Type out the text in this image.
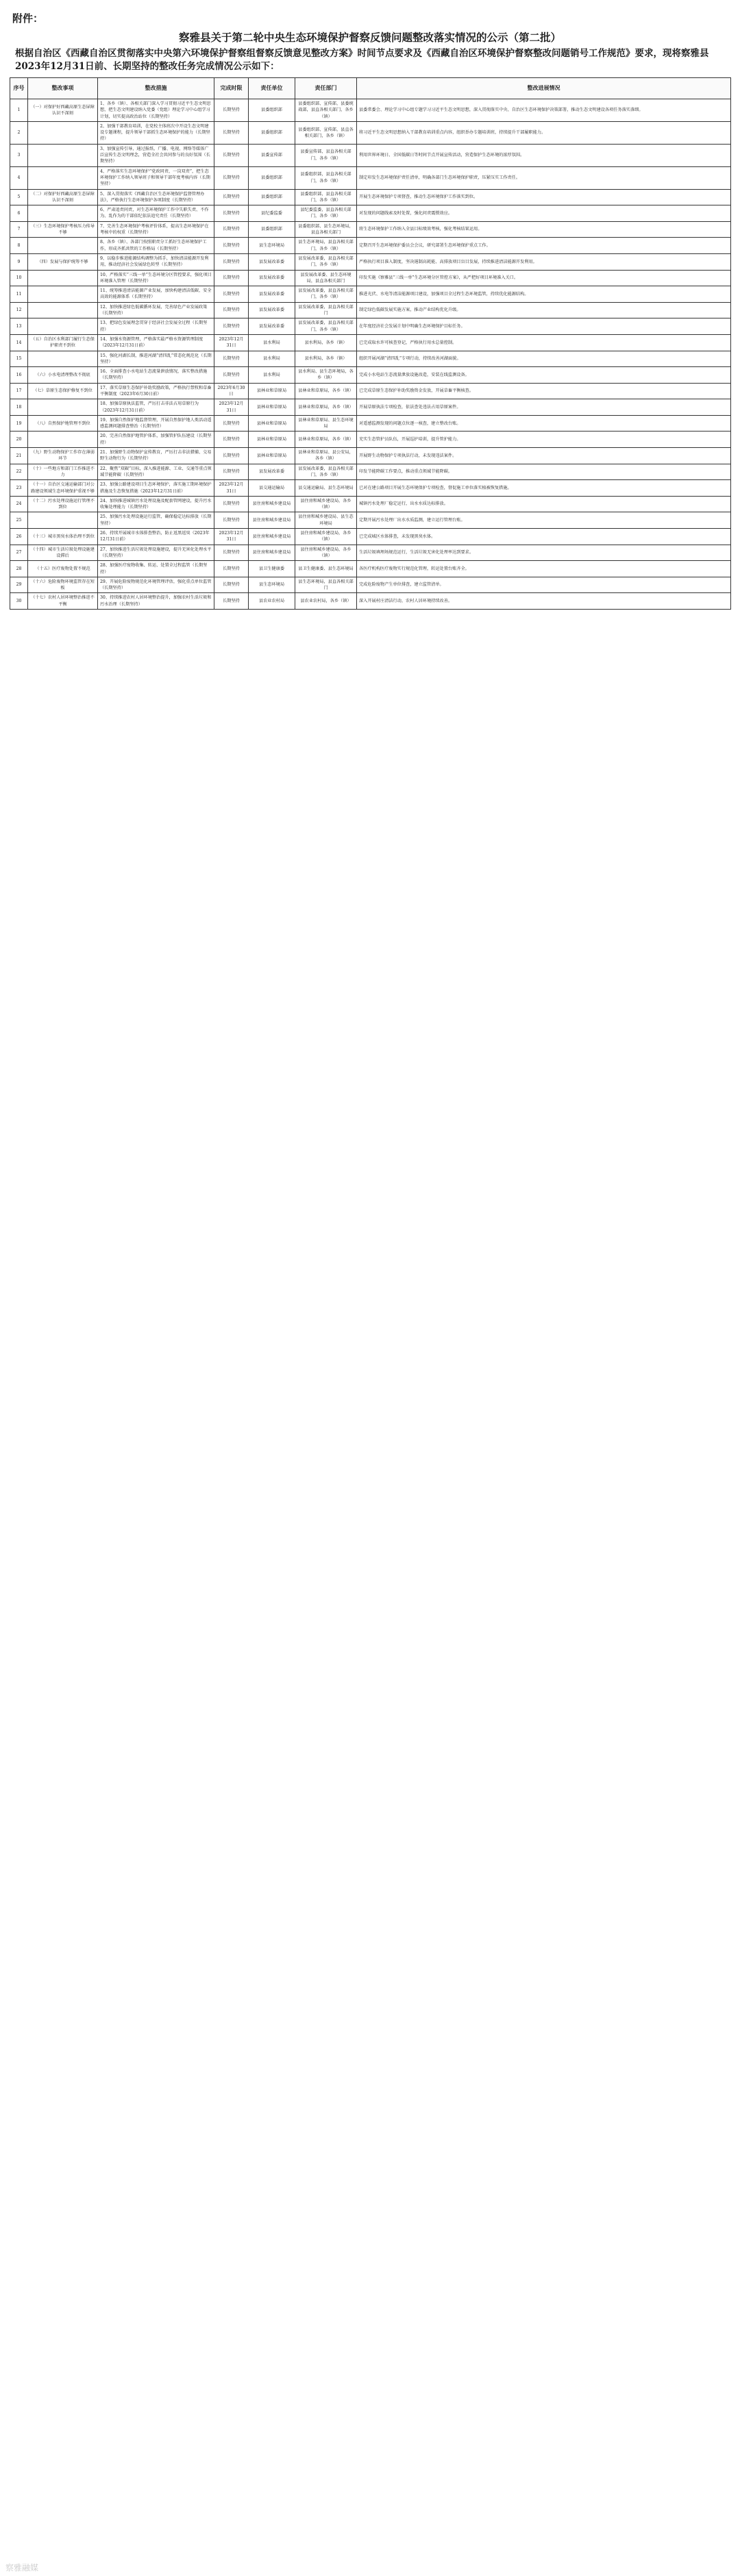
附件：
察雅县关于第二轮中央生态环境保护督察反馈问题整改落实情况的公示（第二批）
根据自治区《西藏自治区贯彻落实中央第六环境保护督察组督察反馈意见整改方案》时间节点要求及《西藏自治区环境保护督察整改问题销号工作规范》要求，现将察雅县2023年12月31日前、长期坚持的整改任务完成情况公示如下：
序号	整改事项	整改措施	完成时限	责任单位	责任部门	整改进展情况
1	（一）对保护好西藏高原生态屏障认识不深刻	1、各乡（镇）、各相关部门深入学习贯彻习近平生态文明思想，把生态文明建设纳入党委（党组）理论学习中心组学习计划，切实提高政治站位（长期坚持）	长期坚持	县委组织部	县委组织部、宣传部，县委统战部，县直各相关部门，各乡（镇）	县委常委会、理论学习中心组专题学习习近平生态文明思想，深入贯彻落实中央、自治区生态环境保护决策部署，推动生态文明建设各项任务落实落细。
2		2、加强干部教育培训，在党校主体班次中开设生态文明建设专题课程，提升领导干部抓生态环境保护的能力（长期坚持）	长期坚持	县委组织部	县委组织部、宣传部，县直各相关部门，各乡（镇）	将习近平生态文明思想纳入干部教育培训重点内容，组织举办专题培训班，持续提升干部履职能力。
3		3、加强宣传引导，通过报纸、广播、电视、网络等媒体广泛宣传生态文明理念，营造全社会共同参与的良好氛围（长期坚持）	长期坚持	县委宣传部	县委宣传部，县直各相关部门，各乡（镇）	利用世界环境日、全国低碳日等时间节点开展宣传活动，营造保护生态环境的浓厚氛围。
4		4、严格落实生态环境保护“党政同责、一岗双责”，把生态环境保护工作纳入领导班子和领导干部年度考核内容（长期坚持）	长期坚持	县委组织部	县委组织部，县直各相关部门，各乡（镇）	制定印发生态环境保护责任清单，明确各部门生态环境保护职责，压紧压实工作责任。
5	（二）对保护好西藏高原生态屏障认识不深刻	5、深入贯彻落实《西藏自治区生态环境保护监督管理办法》，严格执行生态环境保护各项制度（长期坚持）	长期坚持	县委组织部	县委组织部，县直各相关部门，各乡（镇）	开展生态环境保护专项督查，推动生态环境保护工作落实到位。
6		6、严肃追责问责，对生态环境保护工作中失职失责、不作为、乱作为的干部依纪依法追究责任（长期坚持）	长期坚持	县纪委监委	县纪委监委，县直各相关部门，各乡（镇）	对发现的问题线索及时处置，强化问责震慑效应。
7	（三）生态环境保护考核压力传导不够	7、完善生态环境保护考核评价体系，提高生态环境保护在考核中的权重（长期坚持）	长期坚持	县委组织部	县委组织部、县生态环境局，县直各相关部门	将生态环境保护工作纳入全县目标绩效考核，强化考核结果运用。
8		8、各乡（镇）、各部门按照职责分工抓好生态环境保护工作，形成齐抓共管的工作格局（长期坚持）	长期坚持	县生态环境局	县生态环境局，县直各相关部门，各乡（镇）	定期召开生态环境保护委员会会议，研究部署生态环境保护重点工作。
9	（四）发展与保护统筹不够	9、以稳步推进能源结构调整为抓手，加快清洁能源开发利用，推动经济社会发展绿色转型（长期坚持）	长期坚持	县发展改革委	县发展改革委，县直各相关部门，各乡（镇）	严格执行项目准入制度，坚决遏制高耗能、高排放项目盲目发展，持续推进清洁能源开发利用。
10		10、严格落实“三线一单”生态环境分区管控要求，强化项目环境准入管理（长期坚持）	长期坚持	县发展改革委	县发展改革委、县生态环境局，县直各相关部门	印发实施《察雅县“三线一单”生态环境分区管控方案》，从严把好项目环境准入关口。
11		11、统筹推进清洁能源产业发展，加快构建清洁低碳、安全高效的能源体系（长期坚持）	长期坚持	县发展改革委	县发展改革委，县直各相关部门，各乡（镇）	推进光伏、水电等清洁能源项目建设，加强项目全过程生态环境监管，持续优化能源结构。
12		12、加快推进绿色低碳循环发展，完善绿色产业发展政策（长期坚持）	长期坚持	县发展改革委	县发展改革委，县直各相关部门	制定绿色低碳发展实施方案，推动产业结构优化升级。
13		13、把绿色发展理念贯穿于经济社会发展全过程（长期坚持）	长期坚持	县发展改革委	县发展改革委，县直各相关部门，各乡（镇）	在年度经济社会发展计划中明确生态环境保护目标任务。
14	（五）自治区水利部门履行生态保护职责不到位	14、加强水资源管理，严格落实最严格水资源管理制度（2023年12月31日前）	2023年12月31日	县水利局	县水利局，各乡（镇）	已完成取水许可核查登记，严格执行用水总量控制。
15		15、强化河湖长制，推进河湖“清四乱”常态化规范化（长期坚持）	长期坚持	县水利局	县水利局，各乡（镇）	组织开展河湖“清四乱”专项行动，持续改善河湖面貌。
16	（六）小水电清理整改不彻底	16、全面排查小水电站生态流量泄放情况，落实整改措施（长期坚持）	长期坚持	县水利局	县水利局、县生态环境局，各乡（镇）	完成小水电站生态流量泄放设施改造，安装在线监测设备。
17	（七）草原生态保护修复不到位	17、落实草原生态保护补助奖励政策，严格执行禁牧和草畜平衡制度（2023年6月30日前）	2023年6月30日	县林业和草原局	县林业和草原局，各乡（镇）	已完成草原生态保护补助奖励资金发放，开展草畜平衡核查。
18		18、加强草原执法监管，严厉打击非法占用草原行为（2023年12月31日前）	2023年12月31日	县林业和草原局	县林业和草原局，各乡（镇）	开展草原执法专项检查，依法查处违法占用草原案件。
19	（八）自然保护地管理不到位	19、加强自然保护地监督管理，开展自然保护地人类活动遥感监测问题排查整治（长期坚持）	长期坚持	县林业和草原局	县林业和草原局、县生态环境局	对遥感监测发现的问题点位逐一核查，建立整改台账。
20		20、完善自然保护地管护体系，加强管护队伍建设（长期坚持）	长期坚持	县林业和草原局	县林业和草原局，各乡（镇）	充实生态管护员队伍，开展巡护培训，提升管护能力。
21	（九）野生动物保护工作存在薄弱环节	21、加强野生动物保护宣传教育，严厉打击非法猎捕、交易野生动物行为（长期坚持）	长期坚持	县林业和草原局	县林业和草原局、县公安局，各乡（镇）	开展野生动物保护专项执法行动，未发现违法案件。
22	（十）一些地方和部门工作推进不力	22、聚焦“双碳”目标，深入推进能源、工业、交通等重点领域节能降碳（长期坚持）	长期坚持	县发展改革委	县发展改革委，县直各相关部门，各乡（镇）	印发节能降碳工作要点，推动重点领域节能降碳。
23	（十一）自治区交通运输部门对公路建设领域生态环境保护重视不够	23、加强公路建设项目生态环境保护，落实施工期环境保护措施及生态恢复措施（2023年12月31日前）	2023年12月31日	县交通运输局	县交通运输局、县生态环境局	已对在建公路项目开展生态环境保护专项检查，督促施工单位落实植被恢复措施。
24	（十二）污水处理设施运行管理不到位	24、加快推进城镇污水处理设施及配套管网建设，提升污水收集处理能力（长期坚持）	长期坚持	县住房和城乡建设局	县住房和城乡建设局，各乡（镇）	城镇污水处理厂稳定运行，出水水质达标排放。
25		25、加强污水处理设施运行监管，确保稳定达标排放（长期坚持）	长期坚持	县住房和城乡建设局	县住房和城乡建设局、县生态环境局	定期开展污水处理厂出水水质监测，建立运行管理台账。
26	（十三）城市黑臭水体治理不到位	26、持续开展城市水体排查整治，防止返黑返臭（2023年12月31日前）	2023年12月31日	县住房和城乡建设局	县住房和城乡建设局，各乡（镇）	已完成城区水体排查，未发现黑臭水体。
27	（十四）城市生活垃圾处理设施建设滞后	27、加快推进生活垃圾处理设施建设，提升无害化处理水平（长期坚持）	长期坚持	县住房和城乡建设局	县住房和城乡建设局，各乡（镇）	生活垃圾填埋场规范运行，生活垃圾无害化处理率达到要求。
28	（十五）医疗废物处置不规范	28、加强医疗废物收集、转运、处置全过程监管（长期坚持）	长期坚持	县卫生健康委	县卫生健康委、县生态环境局	各医疗机构医疗废物实行规范化管理，转运处置台账齐全。
29	（十六）危险废物环境监管存在短板	29、开展危险废物规范化环境管理评估，强化重点单位监管（长期坚持）	长期坚持	县生态环境局	县生态环境局，县直各相关部门	完成危险废物产生单位排查，建立监管清单。
30	（十七）农村人居环境整治推进不平衡	30、持续推进农村人居环境整治提升，加强农村生活垃圾和污水治理（长期坚持）	长期坚持	县农业农村局	县农业农村局，各乡（镇）	深入开展村庄清洁行动，农村人居环境持续改善。
察雅融媒
